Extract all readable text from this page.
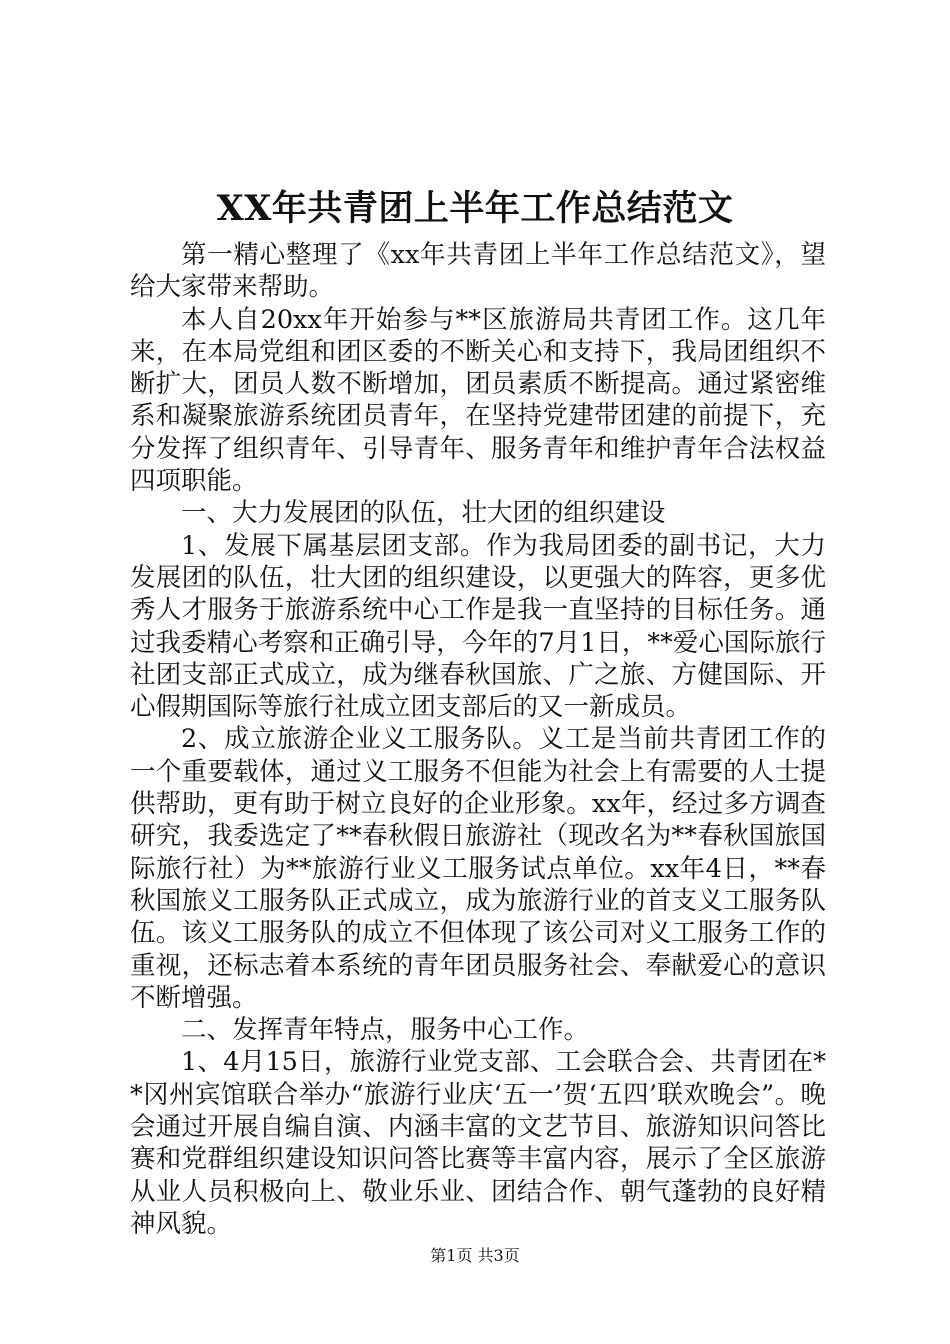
XX年共青团上半年工作总结范文

第一精心整理了《xx年共青团上半年工作总结范文》，望给大家带来帮助。

本人自20xx年开始参与**区旅游局共青团工作。这几年来，在本局党组和团区委的不断关心和支持下，我局团组织不断扩大，团员人数不断增加，团员素质不断提高。通过紧密维系和凝聚旅游系统团员青年，在坚持党建带团建的前提下，充分发挥了组织青年、引导青年、服务青年和维护青年合法权益四项职能。

一、大力发展团的队伍，壮大团的组织建设

1、发展下属基层团支部。作为我局团委的副书记，大力发展团的队伍，壮大团的组织建设，以更强大的阵容，更多优秀人才服务于旅游系统中心工作是我一直坚持的目标任务。通过我委精心考察和正确引导，今年的7月1日，**爱心国际旅行社团支部正式成立，成为继春秋国旅、广之旅、方健国际、开心假期国际等旅行社成立团支部后的又一新成员。

2、成立旅游企业义工服务队。义工是当前共青团工作的一个重要载体，通过义工服务不但能为社会上有需要的人士提供帮助，更有助于树立良好的企业形象。xx年，经过多方调查研究，我委选定了**春秋假日旅游社（现改名为**春秋国旅国际旅行社）为**旅游行业义工服务试点单位。xx年4日，**春秋国旅义工服务队正式成立，成为旅游行业的首支义工服务队伍。该义工服务队的成立不但体现了该公司对义工服务工作的重视，还标志着本系统的青年团员服务社会、奉献爱心的意识不断增强。

二、发挥青年特点，服务中心工作。

1、4月15日，旅游行业党支部、工会联合会、共青团在**冈州宾馆联合举办“旅游行业庆‘五一’贺‘五四’联欢晚会”。晚会通过开展自编自演、内涵丰富的文艺节目、旅游知识问答比赛和党群组织建设知识问答比赛等丰富内容，展示了全区旅游从业人员积极向上、敬业乐业、团结合作、朝气蓬勃的良好精神风貌。

第1页 共3页
